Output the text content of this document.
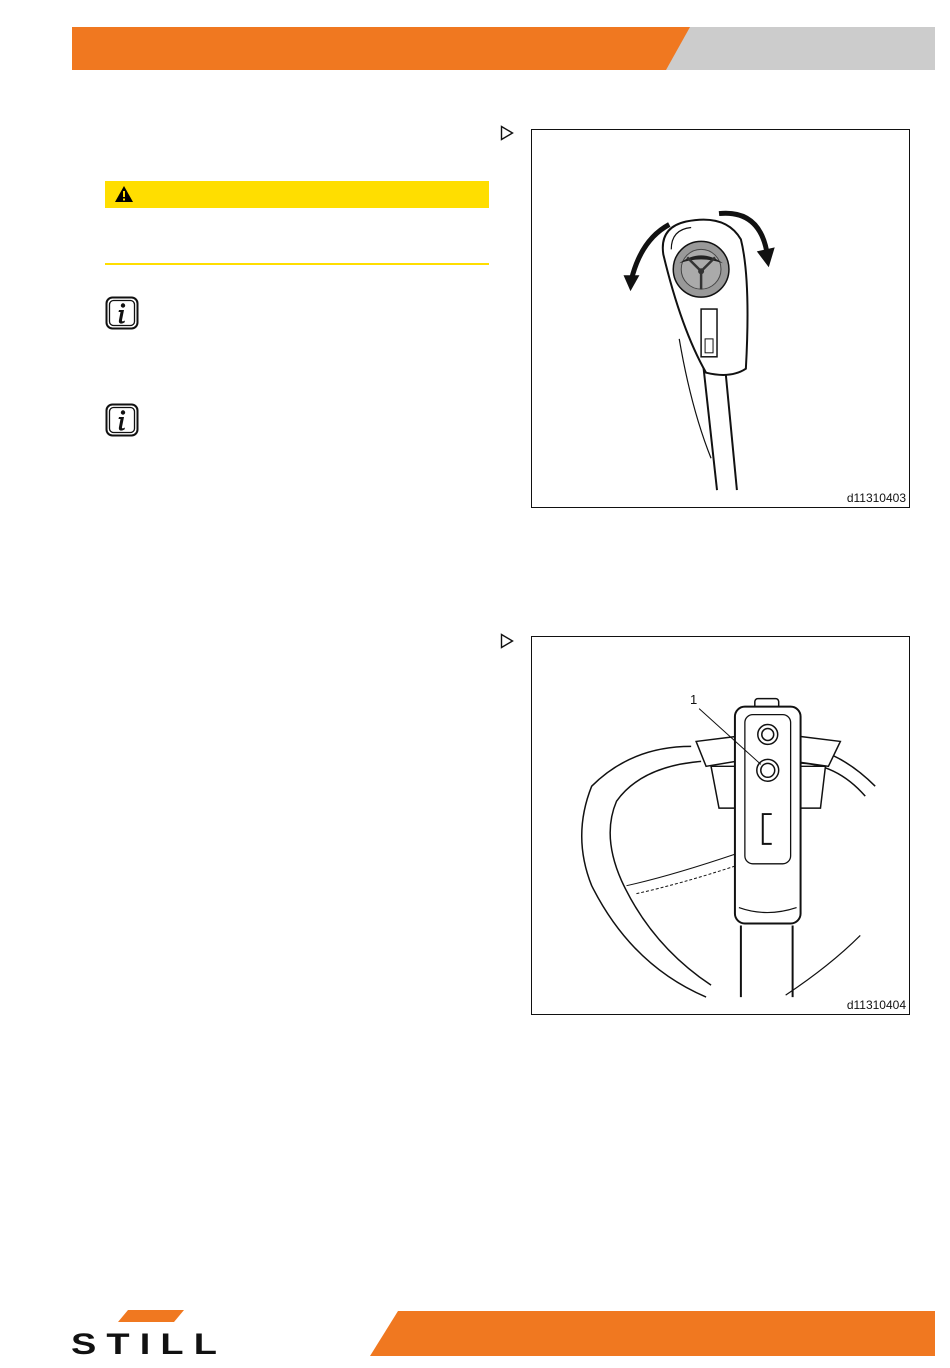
d11310403
1
d11310404
STILL
